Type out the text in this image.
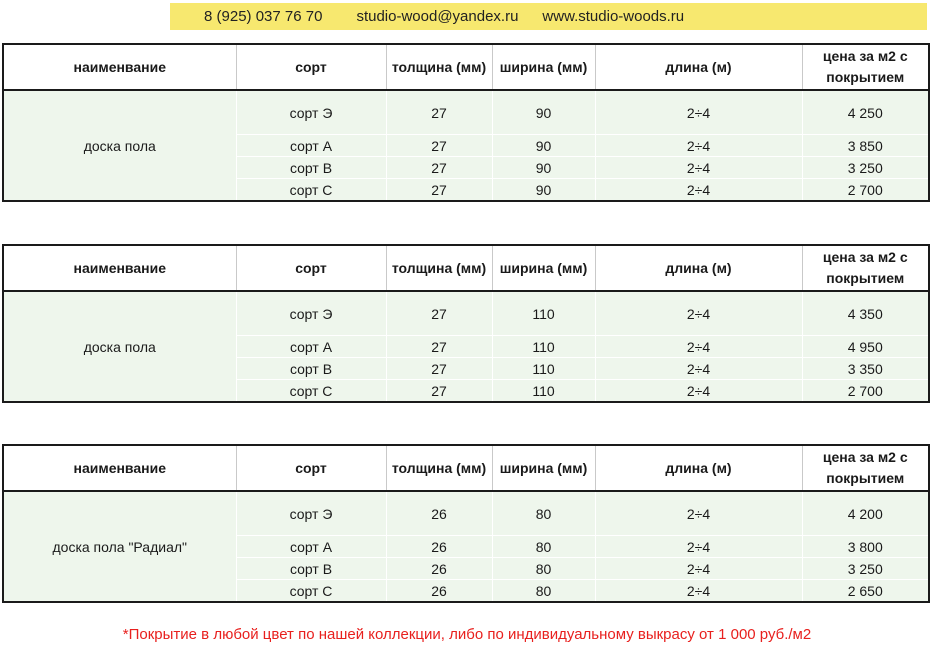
8 (925) 037 76 70 studio-wood@yandex.ru www.studio-woods.ru
наименвание	сорт	толщина (мм)	ширина (мм)	длина (м)	цена за м2 с покрытием
доска пола	сорт Э	27	90	2÷4	4 250
	сорт А	27	90	2÷4	3 850
	сорт В	27	90	2÷4	3 250
	сорт С	27	90	2÷4	2 700
наименвание	сорт	толщина (мм)	ширина (мм)	длина (м)	цена за м2 с покрытием
доска пола	сорт Э	27	110	2÷4	4 350
	сорт А	27	110	2÷4	4 950
	сорт В	27	110	2÷4	3 350
	сорт С	27	110	2÷4	2 700
наименвание	сорт	толщина (мм)	ширина (мм)	длина (м)	цена за м2 с покрытием
доска пола "Радиал"	сорт Э	26	80	2÷4	4 200
	сорт А	26	80	2÷4	3 800
	сорт В	26	80	2÷4	3 250
	сорт С	26	80	2÷4	2 650
*Покрытие в любой цвет по нашей коллекции, либо по индивидуальному выкрасу от 1 000 руб./м2
